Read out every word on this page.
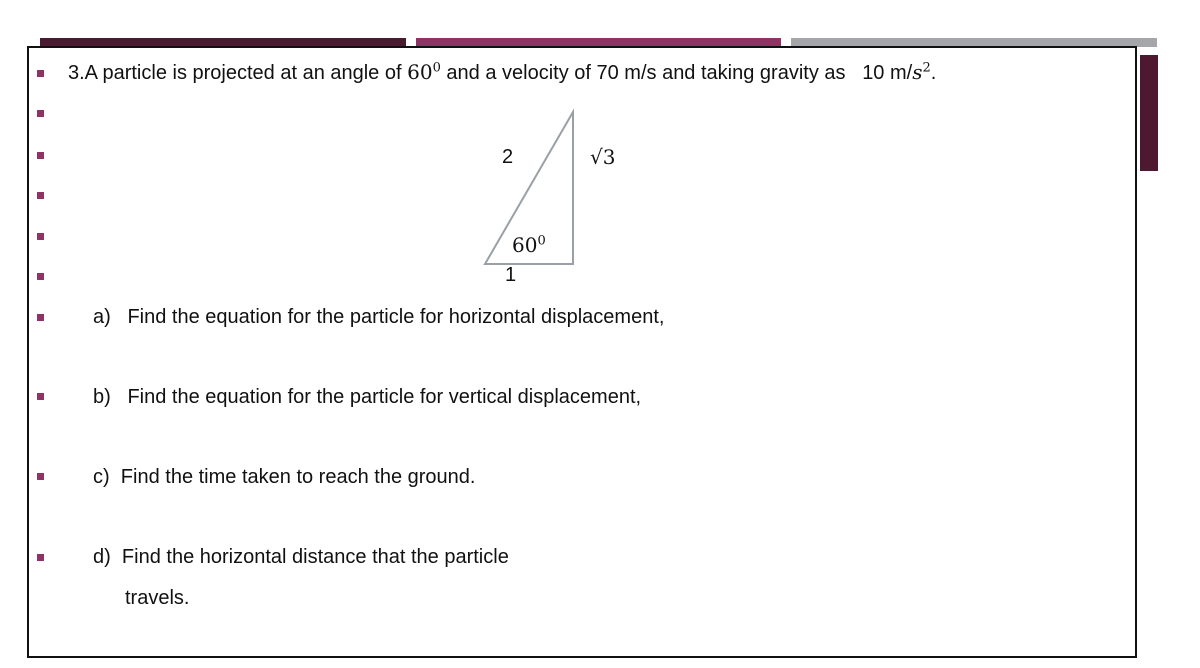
3.A particle is projected at an angle of $60^0$ and a velocity of 70 m/s and taking gravity as   10 $m/s^2$.
2	√3
$60^0$
1
a) Find the equation for the particle for horizontal displacement,
b) Find the equation for the particle for vertical displacement,
c) Find the time taken to reach the ground.
d) Find the horizontal distance that the particle
travels.
